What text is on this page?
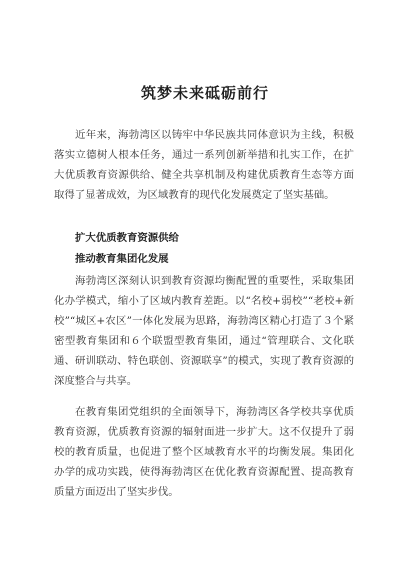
筑梦未来砥砺前行

近年来，海勃湾区以铸牢中华民族共同体意识为主线，积极落实立德树人根本任务，通过一系列创新举措和扎实工作，在扩大优质教育资源供给、健全共享机制及构建优质教育生态等方面取得了显著成效，为区域教育的现代化发展奠定了坚实基础。

扩大优质教育资源供给
推动教育集团化发展

海勃湾区深刻认识到教育资源均衡配置的重要性，采取集团化办学模式，缩小了区域内教育差距。以“名校+弱校”“老校+新校”“城区+农区”一体化发展为思路，海勃湾区精心打造了３个紧密型教育集团和６个联盟型教育集团，通过“管理联合、文化联通、研训联动、特色联创、资源联享”的模式，实现了教育资源的深度整合与共享。

在教育集团党组织的全面领导下，海勃湾区各学校共享优质教育资源，优质教育资源的辐射面进一步扩大。这不仅提升了弱校的教育质量，也促进了整个区域教育水平的均衡发展。集团化办学的成功实践，使得海勃湾区在优化教育资源配置、提高教育质量方面迈出了坚实步伐。
